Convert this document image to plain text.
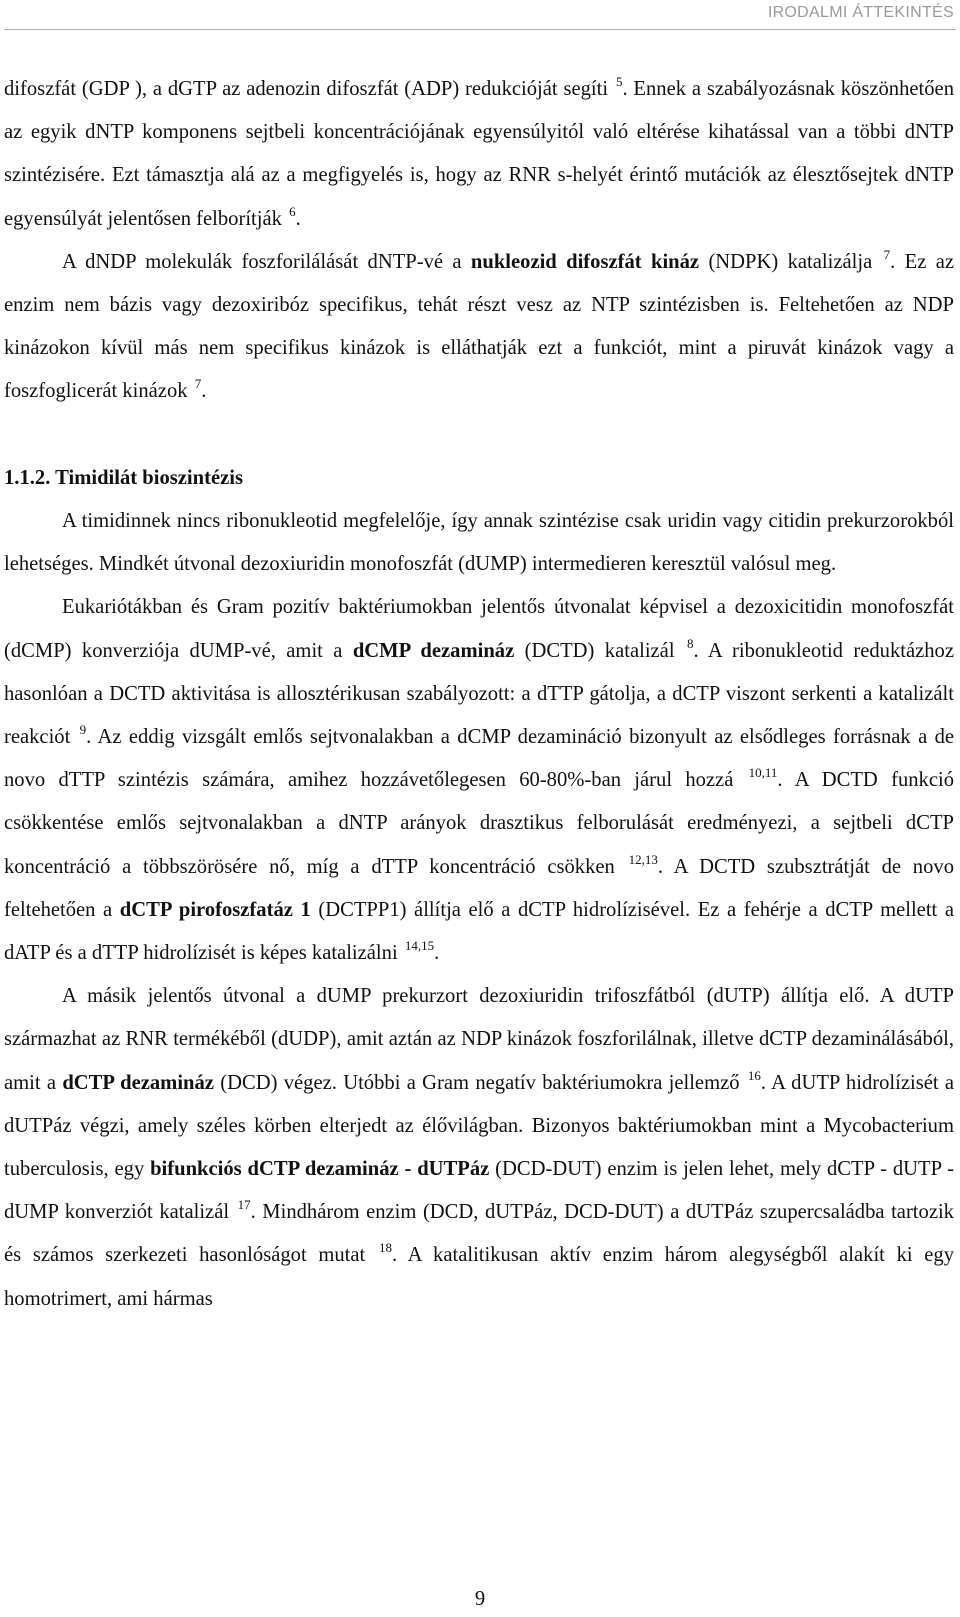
IRODALMI ÁTTEKINTÉS

difoszfát (GDP ), a dGTP az adenozin difoszfát (ADP) redukcióját segíti $^5$. Ennek a szabályozásnak köszönhetően az egyik dNTP komponens sejtbeli koncentrációjának egyensúlyitól való eltérése kihatással van a többi dNTP szintézisére. Ezt támasztja alá az a megfigyelés is, hogy az RNR s-helyét érintő mutációk az élesztősejtek dNTP egyensúlyát jelentősen felborítják $^6$.

A dNDP molekulák foszforilálását dNTP-vé a nukleozid difoszfát kináz (NDPK) katalizálja $^7$. Ez az enzim nem bázis vagy dezoxiribóz specifikus, tehát részt vesz az NTP szintézisben is. Feltehetően az NDP kinázokon kívül más nem specifikus kinázok is elláthatják ezt a funkciót, mint a piruvát kinázok vagy a foszfoglicerát kinázok $^7$.

1.1.2. Timidilát bioszintézis

A timidinnek nincs ribonukleotid megfelelője, így annak szintézise csak uridin vagy citidin prekurzorokból lehetséges. Mindkét útvonal dezoxiuridin monofoszfát (dUMP) intermedieren keresztül valósul meg.

Eukariótákban és Gram pozitív baktériumokban jelentős útvonalat képvisel a dezoxicitidin monofoszfát (dCMP) konverziója dUMP-vé, amit a dCMP dezamináz (DCTD) katalizál $^8$. A ribonukleotid reduktázhoz hasonlóan a DCTD aktivitása is allosztérikusan szabályozott: a dTTP gátolja, a dCTP viszont serkenti a katalizált reakciót $^9$. Az eddig vizsgált emlős sejtvonalakban a dCMP dezamináció bizonyult az elsődleges forrásnak a de novo dTTP szintézis számára, amihez hozzávetőlegesen 60-80%-ban járul hozzá $^{10,11}$. A DCTD funkció csökkentése emlős sejtvonalakban a dNTP arányok drasztikus felborulását eredményezi, a sejtbeli dCTP koncentráció a többszörösére nő, míg a dTTP koncentráció csökken $^{12,13}$. A DCTD szubsztrátját de novo feltehetően a dCTP pirofoszfatáz 1 (DCTPP1) állítja elő a dCTP hidrolízisével. Ez a fehérje a dCTP mellett a dATP és a dTTP hidrolízisét is képes katalizálni $^{14,15}$.

A másik jelentős útvonal a dUMP prekurzort dezoxiuridin trifoszfátból (dUTP) állítja elő. A dUTP származhat az RNR termékéből (dUDP), amit aztán az NDP kinázok foszforilálnak, illetve dCTP dezaminálásából, amit a dCTP dezamináz (DCD) végez. Utóbbi a Gram negatív baktériumokra jellemző $^{16}$. A dUTP hidrolízisét a dUTPáz végzi, amely széles körben elterjedt az élővilágban. Bizonyos baktériumokban mint a Mycobacterium tuberculosis, egy bifunkciós dCTP dezamináz - dUTPáz (DCD-DUT) enzim is jelen lehet, mely dCTP - dUTP - dUMP konverziót katalizál $^{17}$. Mindhárom enzim (DCD, dUTPáz, DCD-DUT) a dUTPáz szupercsaládba tartozik és számos szerkezeti hasonlóságot mutat $^{18}$. A katalitikusan aktív enzim három alegységből alakít ki egy homotrimert, ami hármas

9
